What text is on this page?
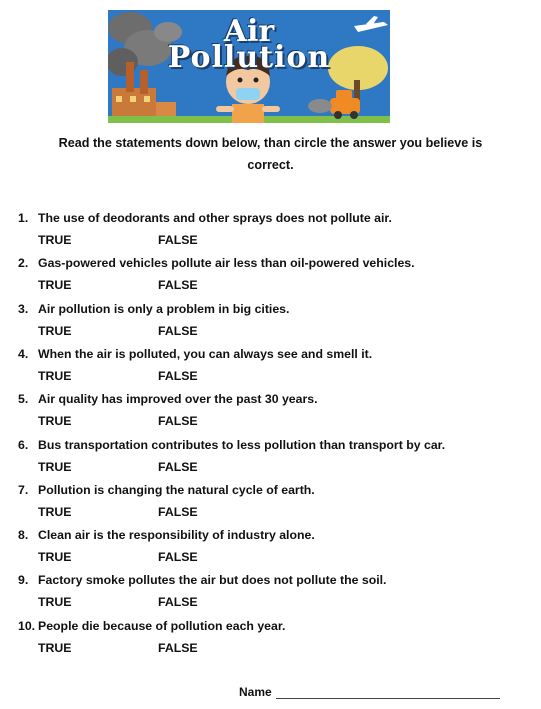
Air
Pollution
Read the statements down below, than circle the answer you believe is correct.
1. The use of deodorants and other sprays does not pollute air.
TRUE	FALSE
2. Gas-powered vehicles pollute air less than oil-powered vehicles.
TRUE	FALSE
3. Air pollution is only a problem in big cities.
TRUE	FALSE
4. When the air is polluted, you can always see and smell it.
TRUE	FALSE
5. Air quality has improved over the past 30 years.
TRUE	FALSE
6. Bus transportation contributes to less pollution than transport by car.
TRUE	FALSE
7. Pollution is changing the natural cycle of earth.
TRUE	FALSE
8. Clean air is the responsibility of industry alone.
TRUE	FALSE
9. Factory smoke pollutes the air but does not pollute the soil.
TRUE	FALSE
10. People die because of pollution each year.
TRUE	FALSE
Name
